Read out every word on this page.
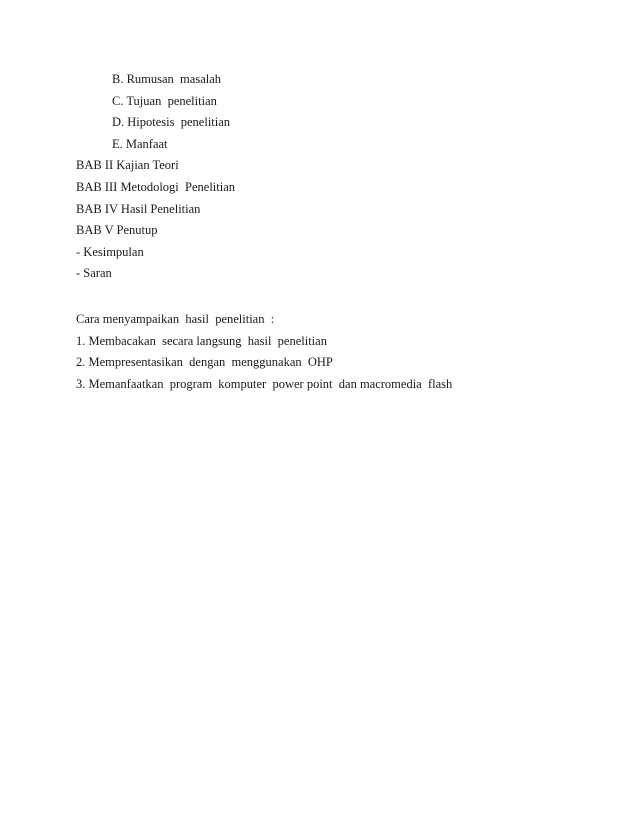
B. Rumusan  masalah
C. Tujuan  penelitian
D. Hipotesis  penelitian
E. Manfaat
BAB II Kajian Teori
BAB III Metodologi  Penelitian
BAB IV Hasil Penelitian
BAB V Penutup
- Kesimpulan
- Saran
Cara menyampaikan  hasil  penelitian  :
1. Membacakan  secara langsung  hasil  penelitian
2. Mempresentasikan  dengan  menggunakan  OHP
3. Memanfaatkan  program  komputer  power point  dan macromedia  flash
